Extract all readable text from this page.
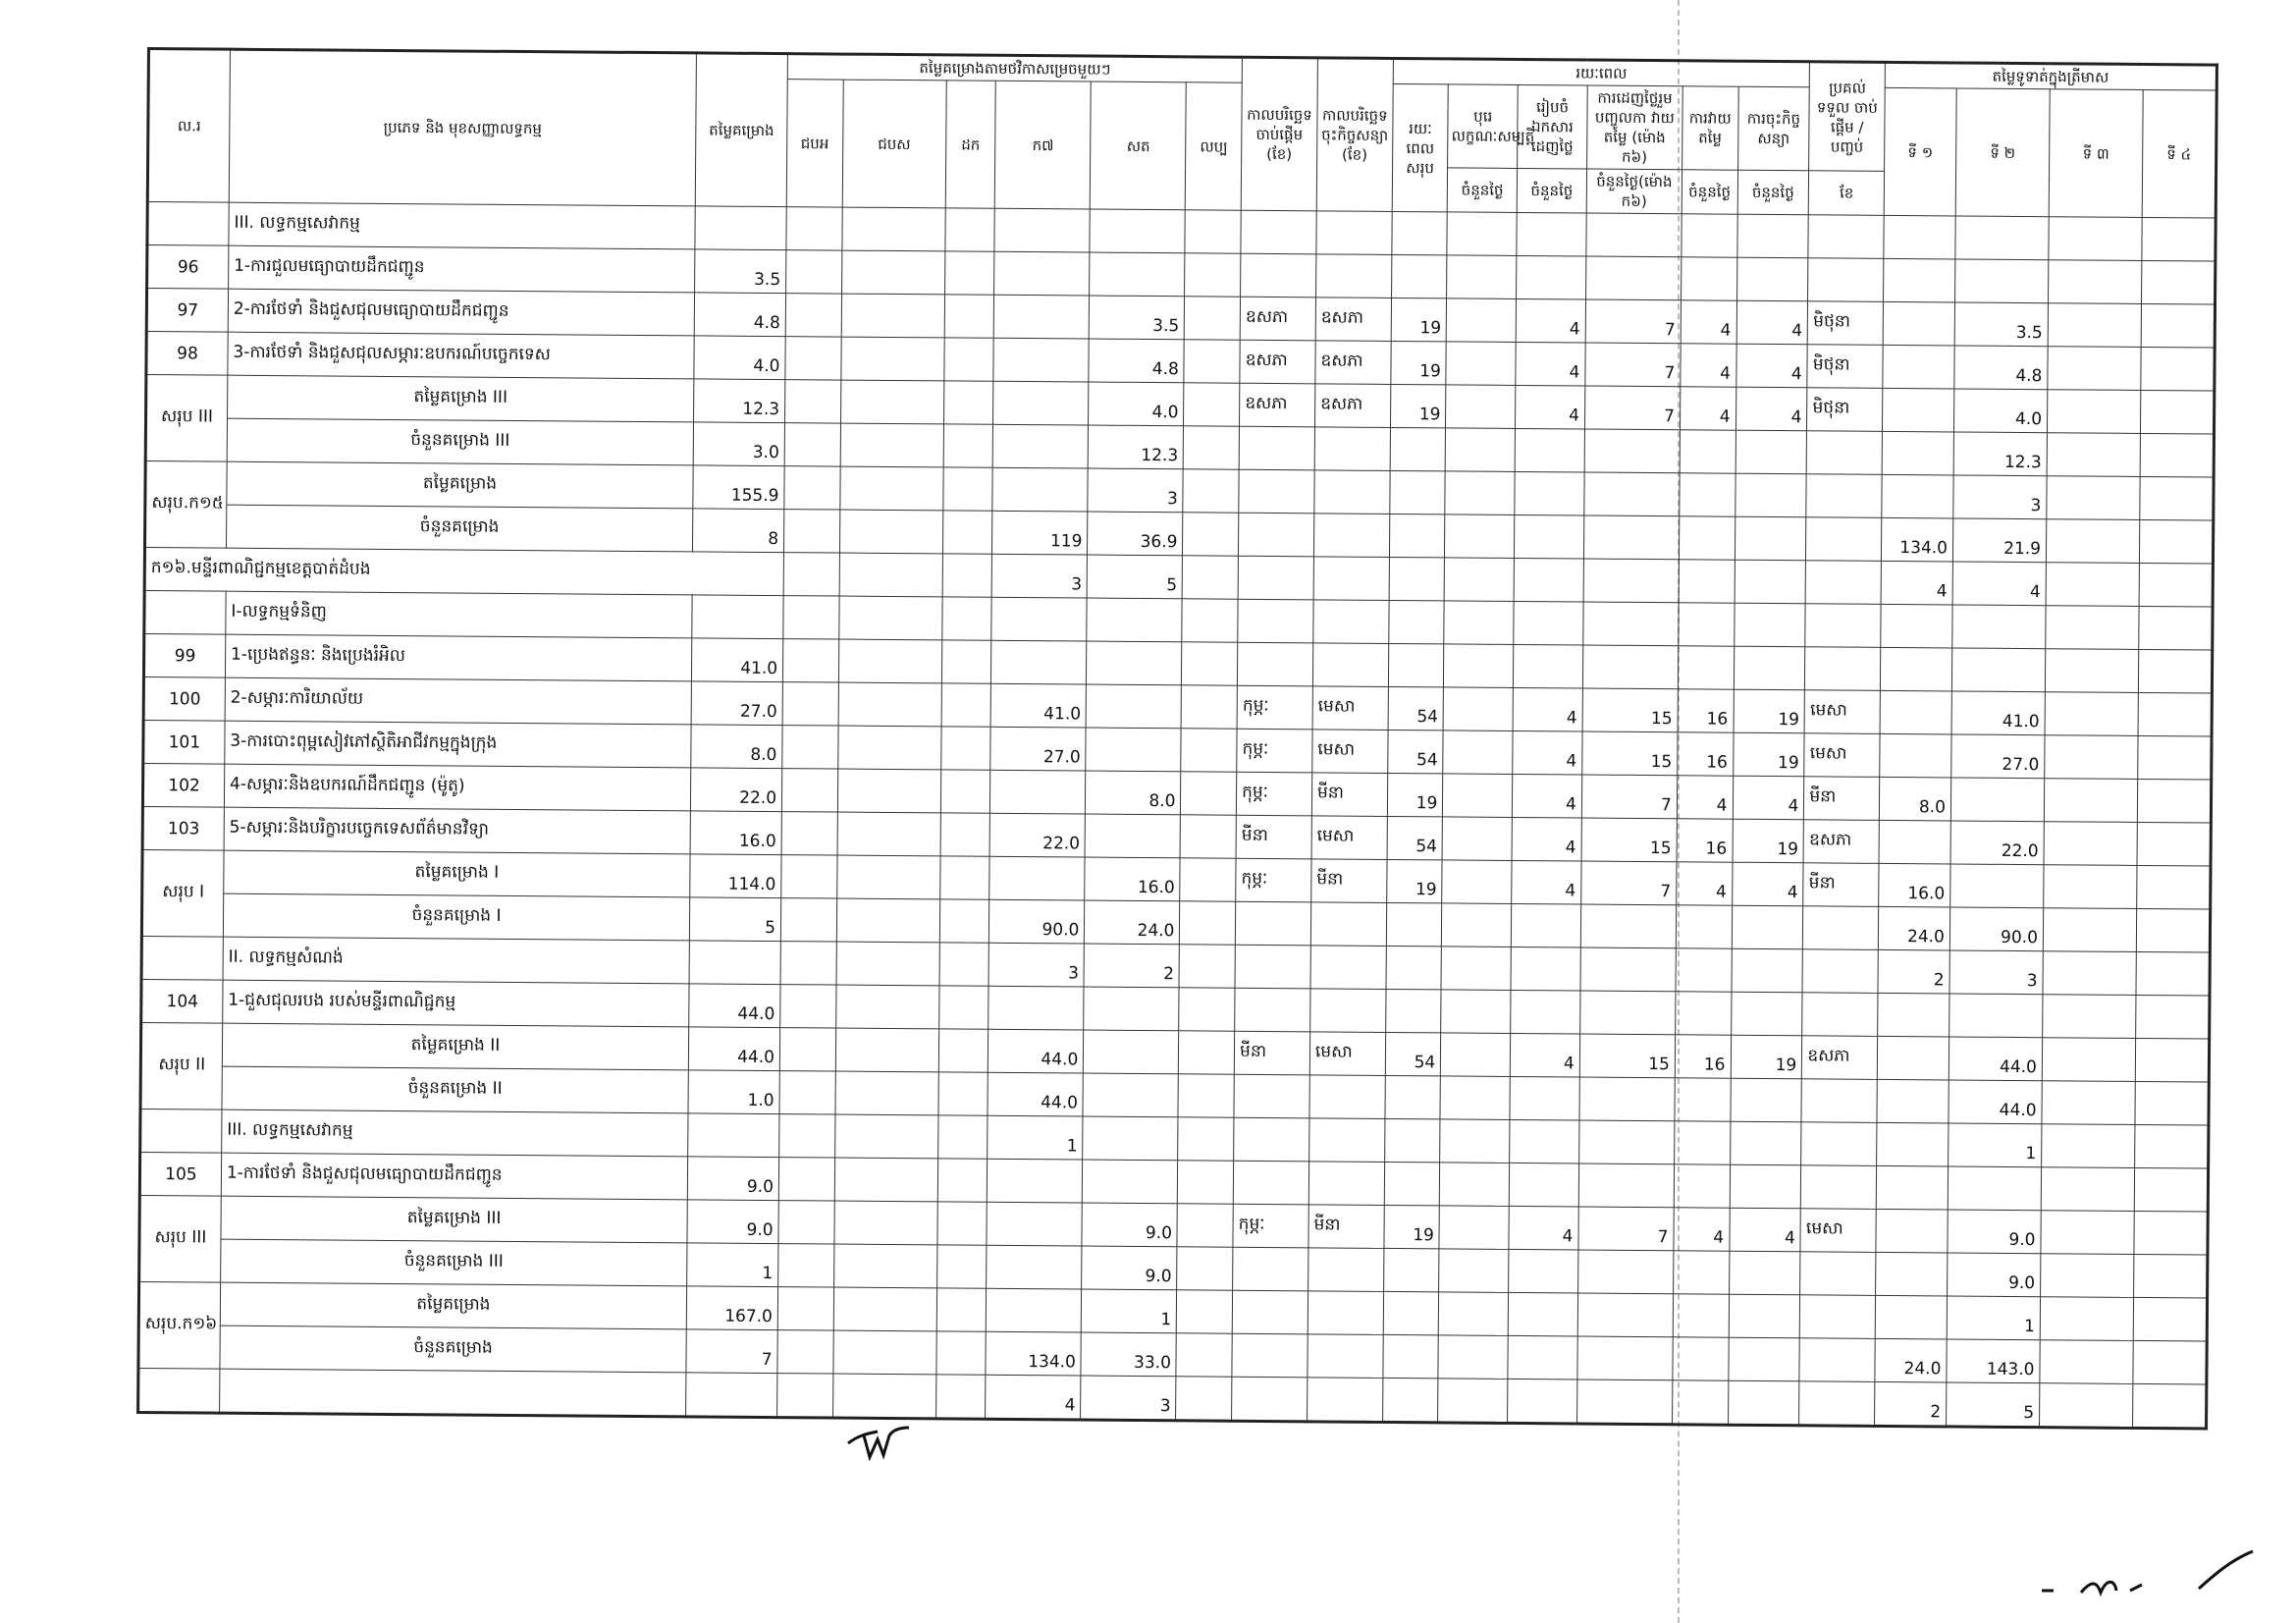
ល.រ	ប្រភេទ និង មុខសញ្ញាលទ្ធកម្ម	តម្លៃគម្រោង	តម្លៃគម្រោងតាមថវិកាសម្រេចមួយៗ						កាលបរិច្ឆេទចាប់ផ្តើម (ខែ)	កាលបរិច្ឆេទចុះកិច្ចសន្យា (ខែ)	រយៈពេល						ប្រគល់ទទួល ចាប់ផ្តើម / បញ្ចប់	តម្លៃទូទាត់ក្នុងត្រីមាស			
			ជបអ	ជបស	ដក	ក៧	សត	លប្ប			រយៈពេលសរុប	បុរេលក្ខណៈសម្បត្តិ	រៀបចំឯកសារ ដេញថ្លៃ	ការដេញថ្លៃរួមបញ្ចូលកា វាយតម្លៃ (ម៉ោង ក៦)	ការវាយតម្លៃ	ការចុះកិច្ចសន្យា		ទី ១	ទី ២	ទី ៣	ទី ៤
												ចំនួនថ្ងៃ	ចំនួនថ្ងៃ	ចំនួនថ្ងៃ(ម៉ោង ក៦)	ចំនួនថ្ងៃ	ចំនួនថ្ងៃ	ខែ				
	III. លទ្ធកម្មសេវាកម្ម																				
96	1-ការជួលមធ្យោបាយដឹកជញ្ជូន	3.5																			
97	2-ការថែទាំ និងជួសជុលមធ្យោបាយដឹកជញ្ជូន	4.8					3.5		ឧសភា	ឧសភា	19		4	7	4	4	មិថុនា		3.5		
98	3-ការថែទាំ និងជួសជុលសម្ភារៈឧបករណ៍បច្ចេកទេស	4.0					4.8		ឧសភា	ឧសភា	19		4	7	4	4	មិថុនា		4.8		
សរុប III	តម្លៃគម្រោង III	12.3					4.0		ឧសភា	ឧសភា	19		4	7	4	4	មិថុនា		4.0		
	ចំនួនគម្រោង III	3.0					12.3												12.3		
សរុប.ក១៥	តម្លៃគម្រោង	155.9					3												3		
	ចំនួនគម្រោង	8				119	36.9											134.0	21.9		
ក១៦.មន្ទីរពាណិជ្ជកម្មខេត្តបាត់ដំបង						3	5											4	4		
	I-លទ្ធកម្មទំនិញ																				
99	1-ប្រេងឥន្ធនៈ និងប្រេងរំអិល	41.0																			
100	2-សម្ភារៈការិយាល័យ	27.0				41.0			កុម្ភៈ	មេសា	54		4	15	16	19	មេសា		41.0		
101	3-ការបោះពុម្ពសៀវភៅស្ថិតិអាជីវកម្មក្នុងក្រុង	8.0				27.0			កុម្ភៈ	មេសា	54		4	15	16	19	មេសា		27.0		
102	4-សម្ភារៈនិងឧបករណ៍ដឹកជញ្ជូន (ម៉ូតូ)	22.0					8.0		កុម្ភៈ	មីនា	19		4	7	4	4	មីនា	8.0			
103	5-សម្ភារៈនិងបរិក្ខារបច្ចេកទេសព័ត៌មានវិទ្យា	16.0				22.0			មីនា	មេសា	54		4	15	16	19	ឧសភា		22.0		
សរុប I	តម្លៃគម្រោង I	114.0					16.0		កុម្ភៈ	មីនា	19		4	7	4	4	មីនា	16.0			
	ចំនួនគម្រោង I	5				90.0	24.0											24.0	90.0		
	II. លទ្ធកម្មសំណង់					3	2											2	3		
104	1-ជួសជុលរបង របស់មន្ទីរពាណិជ្ជកម្ម	44.0																			
សរុប II	តម្លៃគម្រោង II	44.0				44.0			មីនា	មេសា	54		4	15	16	19	ឧសភា		44.0		
	ចំនួនគម្រោង II	1.0				44.0													44.0		
	III. លទ្ធកម្មសេវាកម្ម					1													1		
105	1-ការថែទាំ និងជួសជុលមធ្យោបាយដឹកជញ្ជូន	9.0																			
សរុប III	តម្លៃគម្រោង III	9.0					9.0		កុម្ភៈ	មីនា	19		4	7	4	4	មេសា		9.0		
	ចំនួនគម្រោង III	1					9.0												9.0		
សរុប.ក១៦	តម្លៃគម្រោង	167.0					1												1		
	ចំនួនគម្រោង	7				134.0	33.0											24.0	143.0		
						4	3											2	5		
